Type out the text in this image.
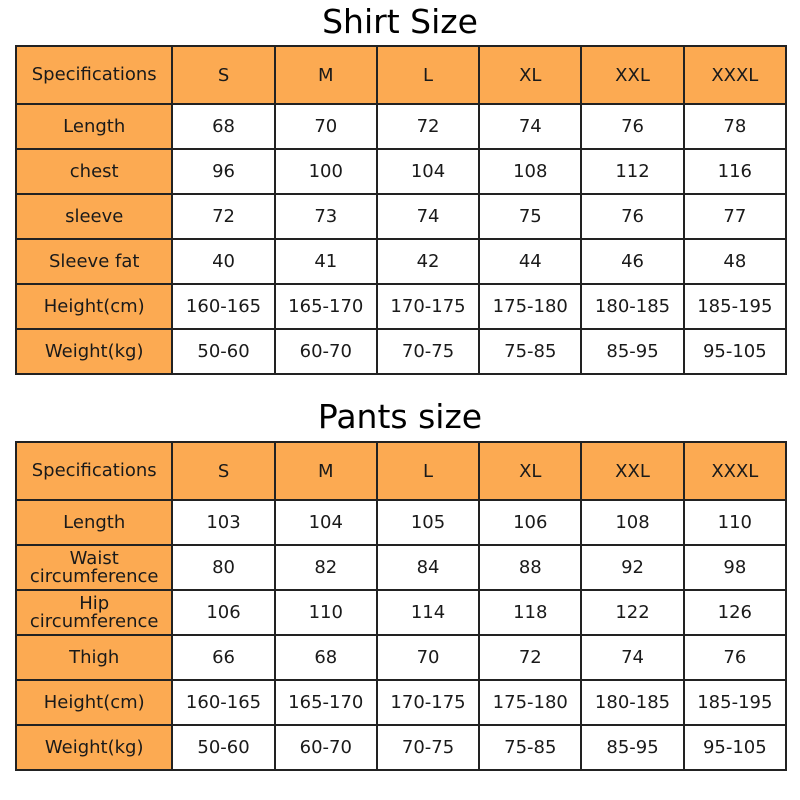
Shirt Size
Specifications	S	M	L	XL	XXL	XXXL
Length	68	70	72	74	76	78
chest	96	100	104	108	112	116
sleeve	72	73	74	75	76	77
Sleeve fat	40	41	42	44	46	48
Height(cm)	160-165	165-170	170-175	175-180	180-185	185-195
Weight(kg)	50-60	60-70	70-75	75-85	85-95	95-105
Pants size
Specifications	S	M	L	XL	XXL	XXXL
Length	103	104	105	106	108	110
Waist
circumference	80	82	84	88	92	98
Hip
circumference	106	110	114	118	122	126
Thigh	66	68	70	72	74	76
Height(cm)	160-165	165-170	170-175	175-180	180-185	185-195
Weight(kg)	50-60	60-70	70-75	75-85	85-95	95-105
